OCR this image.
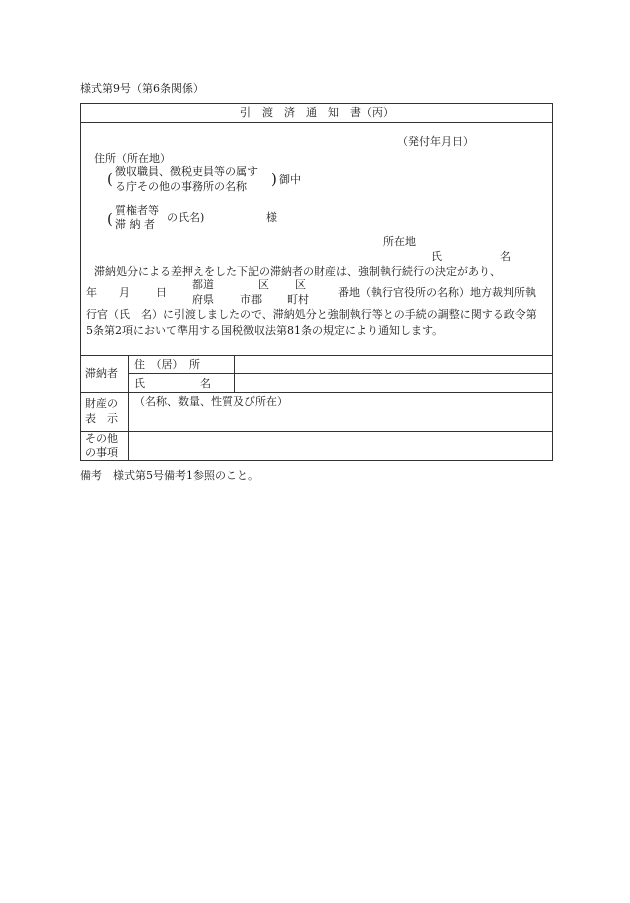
様式第9号（第6条関係）
引　渡　済　通　知　書（丙）
（発付年月日）
住所（所在地）
( 徴収職員、徴税吏員等の属す
る庁その他の事務所の名称 ) 御中
( 質権者等
滞 納 者
の氏名)	様
所在地
氏	名
滞納処分による差押えをした下記の滞納者の財産は、強制執行続行の決定があり、
年 月 日
都道
府県
区
市郡
区
町村
番地（執行官役所の名称）地方裁判所執
行官（氏　名）に引渡しましたので、滞納処分と強制執行等との手続の調整に関する政令第
5条第2項において準用する国税徴収法第81条の規定により通知します。
滞納者
住　（居）　所
氏　　　　　名
財産の
表　示
（名称、数量、性質及び所在）
その他
の事項
備考　様式第5号備考1参照のこと。
